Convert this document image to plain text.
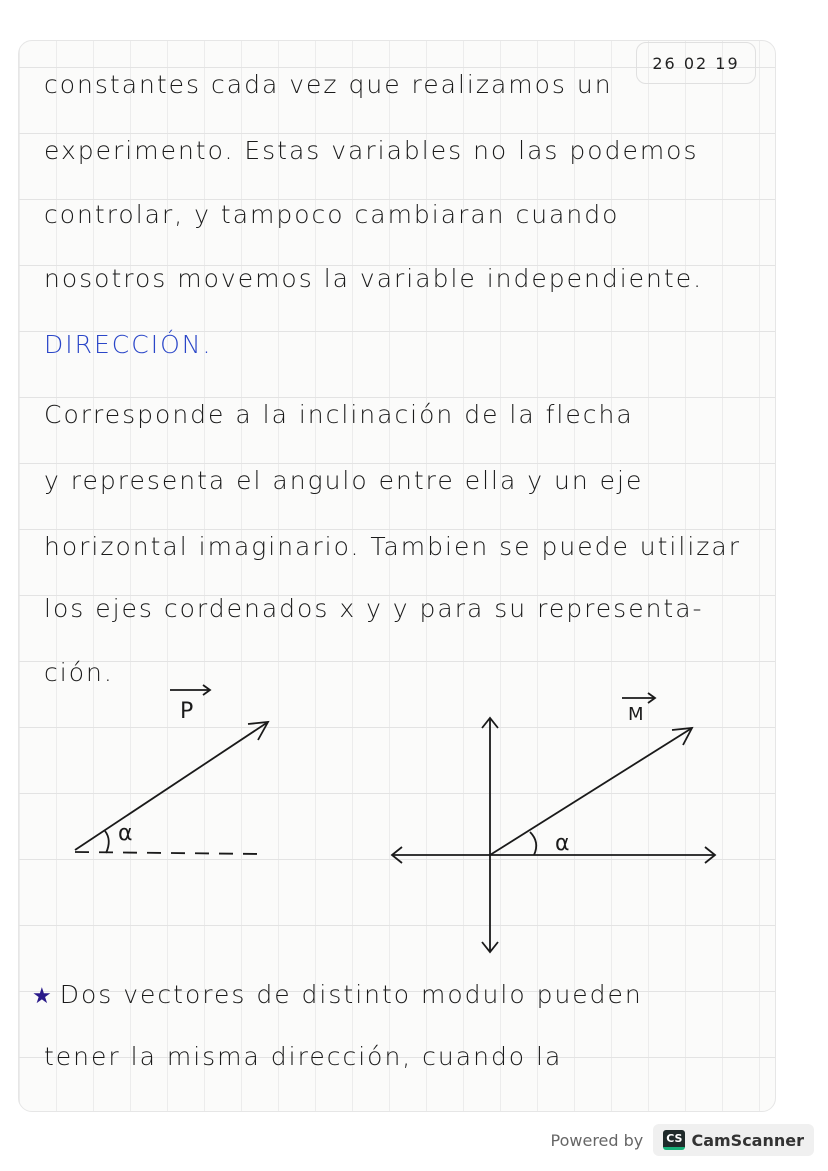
26 02 19
constantes cada vez que realizamos un
experimento. Estas variables no las podemos
controlar, y tampoco cambiaran cuando
nosotros movemos la variable independiente.
DIRECCIÓN.
Corresponde a la inclinación de la flecha
y representa el angulo entre ella y un eje
horizontal imaginario. Tambien se puede utilizar
los ejes cordenados x y y para su representa-
ción.
★ Dos vectores de distinto modulo pueden
tener la misma dirección, cuando la
P	M
α	α
Powered by CS CamScanner
